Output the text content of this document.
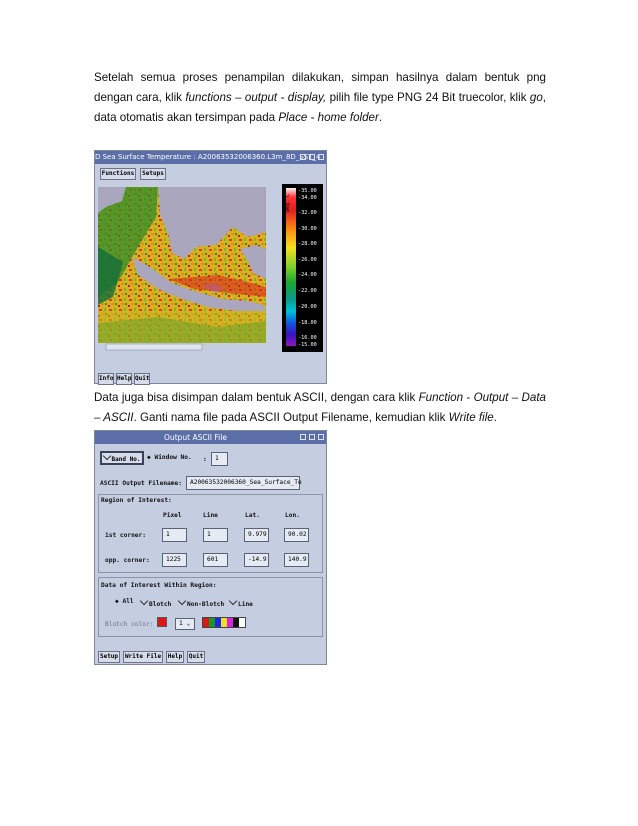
Setelah semua proses penampilan dilakukan, simpan hasilnya dalam bentuk png

dengan cara, klik functions – output - display, pilih file type PNG 24 Bit truecolor, klik go,

data otomatis akan tersimpan pada Place - home folder.

D Sea Surface Temperature : A20063532006360.L3m_8D_SST_4
Functions	Setups
Deg. C
-35.00
-34.00
-32.00
-30.00
-28.00
-26.00
-24.00
-22.00
-20.00
-18.00
-16.00
-15.00
Info Help Quit

Data juga bisa disimpan dalam bentuk ASCII, dengan cara klik Function - Output – Data

– ASCII. Ganti nama file pada ASCII Output Filename, kemudian klik Write file.

Output ASCII File
Band No.	◆ Window No. :	1
ASCII Output Filename:	A20063532006360_Sea_Surface_Te
Region of Interest:
Pixel	Line	Lat.	Lon.
1st corner:	1	1	9.979	90.02
opp. corner:	1225	601	-14.9	140.9
Data of Interest Within Region:
◆ All	Blotch	Non-Blotch	Line
Blotch color:	1 ⌄
Setup	Write File	Help Quit
